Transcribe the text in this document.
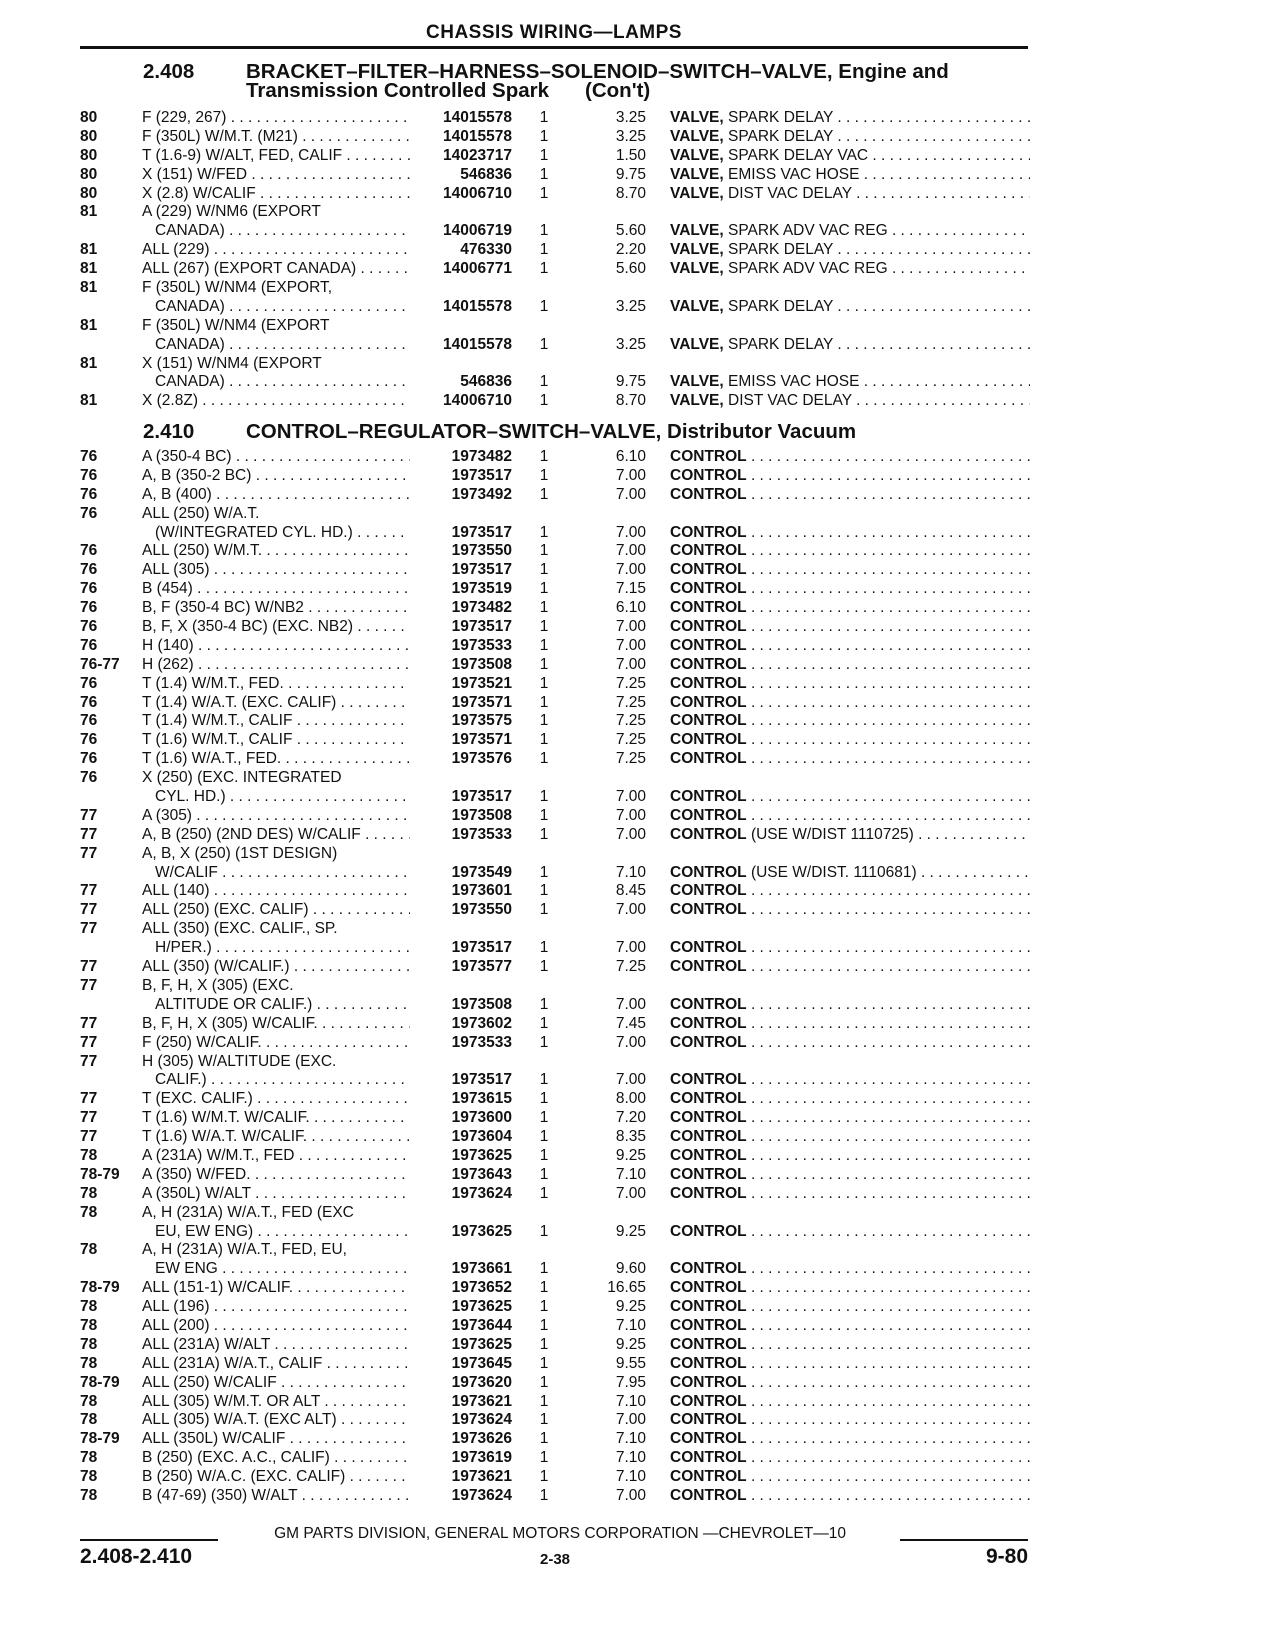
CHASSIS WIRING—LAMPS
2.408	BRACKET–FILTER–HARNESS–SOLENOID–SWITCH–VALVE, Engine and
Transmission Controlled Spark (Con't)
80	F (229, 267) . . .	14015578 1	3.25 VALVE, SPARK DELAY . . .
80	F (350L) W/M.T. (M21) . . .	14015578 1	3.25 VALVE, SPARK DELAY . . .
80	T (1.6-9) W/ALT, FED, CALIF . . .	14023717 1	1.50 VALVE, SPARK DELAY VAC . . .
80	X (151) W/FED . . .	546836 1	9.75 VALVE, EMISS VAC HOSE . . .
80	X (2.8) W/CALIF . . .	14006710 1	8.70 VALVE, DIST VAC DELAY . . .
81	A (229) W/NM6 (EXPORT
CANADA) . . .	14006719 1	5.60 VALVE, SPARK ADV VAC REG . . .
81	ALL (229) . . .	476330 1	2.20 VALVE, SPARK DELAY . . .
81	ALL (267) (EXPORT CANADA) . . .	14006771 1	5.60 VALVE, SPARK ADV VAC REG . . .
81	F (350L) W/NM4 (EXPORT,
CANADA) . . .	14015578 1	3.25 VALVE, SPARK DELAY . . .
81	F (350L) W/NM4 (EXPORT
CANADA) . . .	14015578 1	3.25 VALVE, SPARK DELAY . . .
81	X (151) W/NM4 (EXPORT
CANADA) . . .	546836 1	9.75 VALVE, EMISS VAC HOSE . . .
81	X (2.8Z) . . .	14006710 1	8.70 VALVE, DIST VAC DELAY . . .
2.410	CONTROL–REGULATOR–SWITCH–VALVE, Distributor Vacuum
76	A (350-4 BC) . . .	1973482 1	6.10 CONTROL . . .
76	A, B (350-2 BC) . . .	1973517 1	7.00 CONTROL . . .
76	A, B (400) . . .	1973492 1	7.00 CONTROL . . .
76	ALL (250) W/A.T.
(W/INTEGRATED CYL. HD.) . . .	1973517 1	7.00 CONTROL . . .
76	ALL (250) W/M.T. . . .	1973550 1	7.00 CONTROL . . .
76	ALL (305) . . .	1973517 1	7.00 CONTROL . . .
76	B (454) . . .	1973519 1	7.15 CONTROL . . .
76	B, F (350-4 BC) W/NB2 . . .	1973482 1	6.10 CONTROL . . .
76	B, F, X (350-4 BC) (EXC. NB2) . . .	1973517 1	7.00 CONTROL . . .
76	H (140) . . .	1973533 1	7.00 CONTROL . . .
76-77	H (262) . . .	1973508 1	7.00 CONTROL . . .
76	T (1.4) W/M.T., FED. . . .	1973521 1	7.25 CONTROL . . .
76	T (1.4) W/A.T. (EXC. CALIF) . . .	1973571 1	7.25 CONTROL . . .
76	T (1.4) W/M.T., CALIF . . .	1973575 1	7.25 CONTROL . . .
76	T (1.6) W/M.T., CALIF . . .	1973571 1	7.25 CONTROL . . .
76	T (1.6) W/A.T., FED. . . .	1973576 1	7.25 CONTROL . . .
76	X (250) (EXC. INTEGRATED
CYL. HD.) . . .	1973517 1	7.00 CONTROL . . .
77	A (305) . . .	1973508 1	7.00 CONTROL . . .
77	A, B (250) (2ND DES) W/CALIF . . .	1973533 1	7.00 CONTROL (USE W/DIST 1110725) . . .
77	A, B, X (250) (1ST DESIGN)
W/CALIF . . .	1973549 1	7.10 CONTROL (USE W/DIST. 1110681) . . .
77	ALL (140) . . .	1973601 1	8.45 CONTROL . . .
77	ALL (250) (EXC. CALIF) . . .	1973550 1	7.00 CONTROL . . .
77	ALL (350) (EXC. CALIF., SP.
H/PER.) . . .	1973517 1	7.00 CONTROL . . .
77	ALL (350) (W/CALIF.) . . .	1973577 1	7.25 CONTROL . . .
77	B, F, H, X (305) (EXC.
ALTITUDE OR CALIF.) . . .	1973508 1	7.00 CONTROL . . .
77	B, F, H, X (305) W/CALIF. . . .	1973602 1	7.45 CONTROL . . .
77	F (250) W/CALIF. . . .	1973533 1	7.00 CONTROL . . .
77	H (305) W/ALTITUDE (EXC.
CALIF.) . . .	1973517 1	7.00 CONTROL . . .
77	T (EXC. CALIF.) . . .	1973615 1	8.00 CONTROL . . .
77	T (1.6) W/M.T. W/CALIF. . . .	1973600 1	7.20 CONTROL . . .
77	T (1.6) W/A.T. W/CALIF. . . .	1973604 1	8.35 CONTROL . . .
78	A (231A) W/M.T., FED . . .	1973625 1	9.25 CONTROL . . .
78-79	A (350) W/FED. . . .	1973643 1	7.10 CONTROL . . .
78	A (350L) W/ALT . . .	1973624 1	7.00 CONTROL . . .
78	A, H (231A) W/A.T., FED (EXC
EU, EW ENG) . . .	1973625 1	9.25 CONTROL . . .
78	A, H (231A) W/A.T., FED, EU,
EW ENG . . .	1973661 1	9.60 CONTROL . . .
78-79	ALL (151-1) W/CALIF. . . .	1973652 1	16.65 CONTROL . . .
78	ALL (196) . . .	1973625 1	9.25 CONTROL . . .
78	ALL (200) . . .	1973644 1	7.10 CONTROL . . .
78	ALL (231A) W/ALT . . .	1973625 1	9.25 CONTROL . . .
78	ALL (231A) W/A.T., CALIF . . .	1973645 1	9.55 CONTROL . . .
78-79	ALL (250) W/CALIF . . .	1973620 1	7.95 CONTROL . . .
78	ALL (305) W/M.T. OR ALT . . .	1973621 1	7.10 CONTROL . . .
78	ALL (305) W/A.T. (EXC ALT) . . .	1973624 1	7.00 CONTROL . . .
78-79	ALL (350L) W/CALIF . . .	1973626 1	7.10 CONTROL . . .
78	B (250) (EXC. A.C., CALIF) . . .	1973619 1	7.10 CONTROL . . .
78	B (250) W/A.C. (EXC. CALIF) . . .	1973621 1	7.10 CONTROL . . .
78	B (47-69) (350) W/ALT . . .	1973624 1	7.00 CONTROL . . .
GM PARTS DIVISION, GENERAL MOTORS CORPORATION —CHEVROLET—10
2.408-2.410	2-38	9-80
